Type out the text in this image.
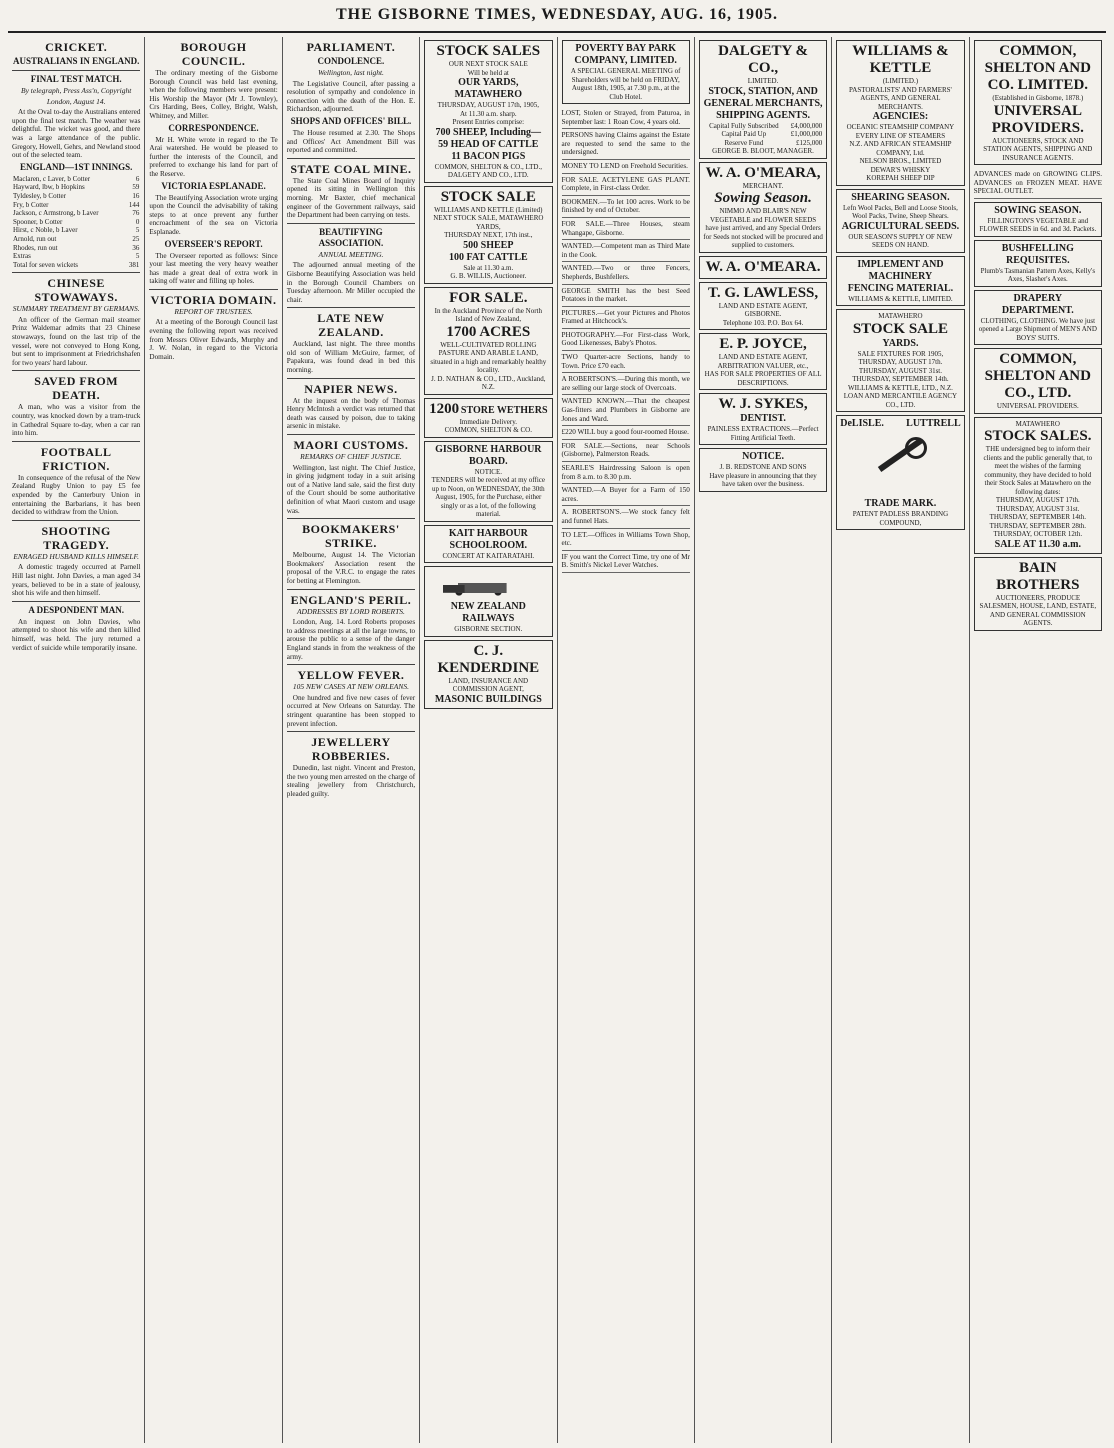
THE GISBORNE TIMES, WEDNESDAY, AUG. 16, 1905.
CRICKET.
AUSTRALIANS IN ENGLAND.
FINAL TEST MATCH.
By telegraph, Press Ass'n, Copyright
London, August 14.

At the Oval to-day the Australians entered upon the final test match. The weather was delightful. The wicket was good, and there was a large attendance of the public. Gregory, Howell, Gehrs, and Newland stood out of the selected team.

ENGLAND—1ST INNINGS.
Maclaren, c Laver, b Cotter	6
Hayward, lbw, b Hopkins	59
Tyldesley, b Cotter	16
Fry, b Cotter	144
Jackson, c Armstrong, b Laver	76
Spooner, b Cotter	0
Hirst, c Noble, b Laver	5
Arnold, run out	25
Rhodes, run out	36
Extras	5
Total for seven wickets	381
CHINESE STOWAWAYS.
SUMMARY TREATMENT BY GERMANS.

An officer of the German mail steamer Prinz Waldemar admits that 23 Chinese stowaways, found on the last trip of the vessel, were not conveyed to Hong Kong, but sent to imprisonment at Friedrichshafen for two years' hard labour.

SAVED FROM DEATH.

A man, who was a visitor from the country, was knocked down by a tram-truck in Cathedral Square to-day, when a car ran into him.

FOOTBALL FRICTION.

In consequence of the refusal of the New Zealand Rugby Union to pay £5 fee expended by the Canterbury Union in entertaining the Barbarians, it has been decided to withdraw from the Union.

SHOOTING TRAGEDY.
ENRAGED HUSBAND KILLS HIMSELF.

A domestic tragedy occurred at Parnell Hill last night. John Davies, a man aged 34 years, believed to be in a state of jealousy, shot his wife and then himself.

A DESPONDENT MAN.

An inquest on John Davies, who attempted to shoot his wife and then killed himself, was held. The jury returned a verdict of suicide while temporarily insane.

BOROUGH COUNCIL.

The ordinary meeting of the Gisborne Borough Council was held last evening, when the following members were present: His Worship the Mayor (Mr J. Townley), Crs Harding, Bees, Colley, Bright, Walsh, Whitney, and Miller.

CORRESPONDENCE.

Mr H. White wrote in regard to the Te Arai watershed. He would be pleased to further the interests of the Council, and preferred to exchange his land for part of the Reserve.

VICTORIA ESPLANADE.

The Beautifying Association wrote urging upon the Council the advisability of taking steps to at once prevent any further encroachment of the sea on Victoria Esplanade.

OVERSEER'S REPORT.

The Overseer reported as follows: Since your last meeting the very heavy weather has made a great deal of extra work in taking off water and filling up holes.

VICTORIA DOMAIN.
REPORT OF TRUSTEES.

At a meeting of the Borough Council last evening the following report was received from Messrs Oliver Edwards, Murphy and J. W. Nolan, in regard to the Victoria Domain.

PARLIAMENT.
CONDOLENCE.
Wellington, last night.

The Legislative Council, after passing a resolution of sympathy and condolence in connection with the death of the Hon. E. Richardson, adjourned.

SHOPS AND OFFICES' BILL.

The House resumed at 2.30. The Shops and Offices' Act Amendment Bill was reported and committed.

STATE COAL MINE.

The State Coal Mines Board of Inquiry opened its sitting in Wellington this morning. Mr Baxter, chief mechanical engineer of the Government railways, said the Department had been carrying on tests.

BEAUTIFYING ASSOCIATION.
ANNUAL MEETING.

The adjourned annual meeting of the Gisborne Beautifying Association was held in the Borough Council Chambers on Tuesday afternoon. Mr Miller occupied the chair.

LATE NEW ZEALAND.

Auckland, last night. The three months old son of William McGuire, farmer, of Papakura, was found dead in bed this morning.

NAPIER NEWS.

At the inquest on the body of Thomas Henry McIntosh a verdict was returned that death was caused by poison, due to taking arsenic in mistake.

MAORI CUSTOMS.
REMARKS OF CHIEF JUSTICE.

Wellington, last night. The Chief Justice, in giving judgment today in a suit arising out of a Native land sale, said the first duty of the Court should be some authoritative definition of what Maori custom and usage was.

BOOKMAKERS' STRIKE.

Melbourne, August 14. The Victorian Bookmakers' Association resent the proposal of the V.R.C. to engage the rates for betting at Flemington.

ENGLAND'S PERIL.
ADDRESSES BY LORD ROBERTS.

London, Aug. 14. Lord Roberts proposes to address meetings at all the large towns, to arouse the public to a sense of the danger England stands in from the weakness of the army.

YELLOW FEVER.
105 NEW CASES AT NEW ORLEANS.

One hundred and five new cases of fever occurred at New Orleans on Saturday. The stringent quarantine has been stopped to prevent infection.

JEWELLERY ROBBERIES.

Dunedin, last night. Vincent and Preston, the two young men arrested on the charge of stealing jewellery from Christchurch, pleaded guilty.

STOCK SALES
OUR NEXT STOCK SALE
Will be held at
OUR YARDS,
MATAWHERO
THURSDAY, AUGUST 17th, 1905,
At 11.30 a.m. sharp.
Present Entries comprise:
700 SHEEP, Including—
59 HEAD OF CATTLE
11 BACON PIGS
COMMON, SHELTON & CO., LTD., DALGETY AND CO., LTD.
STOCK SALE
WILLIAMS AND KETTLE (Limited)
NEXT STOCK SALE, MATAWHERO YARDS,
THURSDAY NEXT, 17th inst.,
500 SHEEP
100 FAT CATTLE
Sale at 11.30 a.m.
G. B. WILLIS, Auctioneer.
FOR SALE.
In the Auckland Province of the North Island of New Zealand,
1700 ACRES
WELL-CULTIVATED ROLLING PASTURE AND ARABLE LAND, situated in a high and remarkably healthy locality.
J. D. NATHAN & CO., LTD., Auckland, N.Z.
1200 STORE WETHERS
Immediate Delivery.
COMMON, SHELTON & CO.
GISBORNE HARBOUR BOARD.
NOTICE.
TENDERS will be received at my office up to Noon, on WEDNESDAY, the 30th August, 1905, for the Purchase, either singly or as a lot, of the following material.
KAIT HARBOUR SCHOOLROOM.
CONCERT AT KAITARATAHI.
NEW ZEALAND RAILWAYS
GISBORNE SECTION.
C. J. KENDERDINE
LAND, INSURANCE AND COMMISSION AGENT,
MASONIC BUILDINGS
POVERTY BAY PARK COMPANY, LIMITED.
A SPECIAL GENERAL MEETING of Shareholders will be held on FRIDAY, August 18th, 1905, at 7.30 p.m., at the Club Hotel.
LOST, Stolen or Strayed, from Paturoa, in September last: 1 Roan Cow, 4 years old.
PERSONS having Claims against the Estate are requested to send the same to the undersigned.
MONEY TO LEND on Freehold Securities.
FOR SALE. ACETYLENE GAS PLANT. Complete, in First-class Order.
BOOKMEN.—To let 100 acres. Work to be finished by end of October.
FOR SALE.—Three Houses, steam Whangape, Gisborne.
WANTED.—Competent man as Third Mate in the Cook.
WANTED.—Two or three Fencers, Shepherds, Bushfellers.
GEORGE SMITH has the best Seed Potatoes in the market.
PICTURES.—Get your Pictures and Photos Framed at Hitchcock's.
PHOTOGRAPHY.—For First-class Work, Good Likenesses, Baby's Photos.
TWO Quarter-acre Sections, handy to Town. Price £70 each.
A ROBERTSON'S.—During this month, we are selling our large stock of Overcoats.
WANTED KNOWN.—That the cheapest Gas-fitters and Plumbers in Gisborne are Jones and Ward.
£220 WILL buy a good four-roomed House.
FOR SALE.—Sections, near Schools (Gisborne), Palmerston Reads.
SEARLE'S Hairdressing Saloon is open from 8 a.m. to 8.30 p.m.
WANTED.—A Buyer for a Farm of 150 acres.
A. ROBERTSON'S.—We stock fancy felt and funnel Hats.
TO LET.—Offices in Williams Town Shop, etc.
IF you want the Correct Time, try one of Mr B. Smith's Nickel Lever Watches.
DALGETY & CO.,
LIMITED.
STOCK, STATION, AND GENERAL MERCHANTS,
SHIPPING AGENTS.
Capital Fully Subscribed	£4,000,000
Capital Paid Up	£1,000,000
Reserve Fund	£125,000
GEORGE B. BLOOT, MANAGER.
W. A. O'MEARA,
MERCHANT.
Sowing Season.
NIMMO AND BLAIR'S NEW VEGETABLE and FLOWER SEEDS have just arrived, and any Special Orders for Seeds not stocked will be procured and supplied to customers.
W. A. O'MEARA.
T. G. LAWLESS,
LAND AND ESTATE AGENT, GISBORNE.
Telephone 103. P.O. Box 64.
E. P. JOYCE,
LAND AND ESTATE AGENT, ARBITRATION VALUER, etc.,
HAS FOR SALE PROPERTIES OF ALL DESCRIPTIONS.
W. J. SYKES,
DENTIST.
PAINLESS EXTRACTIONS.—Perfect Fitting Artificial Teeth.
NOTICE.
J. B. REDSTONE AND SONS
Have pleasure in announcing that they have taken over the business.
WILLIAMS & KETTLE
(LIMITED.)
PASTORALISTS' AND FARMERS' AGENTS, AND GENERAL MERCHANTS.
AGENCIES:
OCEANIC STEAMSHIP COMPANY
EVERY LINE OF STEAMERS
N.Z. AND AFRICAN STEAMSHIP COMPANY, Ltd.
NELSON BROS., LIMITED
DEWAR'S WHISKY
KOREPAH SHEEP DIP
SHEARING SEASON.
Lefn Wool Packs, Bell and Loose Stools, Wool Packs, Twine, Sheep Shears.
AGRICULTURAL SEEDS.
OUR SEASON'S SUPPLY OF NEW SEEDS ON HAND.
IMPLEMENT AND MACHINERY
FENCING MATERIAL.
WILLIAMS & KETTLE, LIMITED.
MATAWHERO
STOCK SALE
YARDS.
SALE FIXTURES FOR 1905,
THURSDAY, AUGUST 17th.
THURSDAY, AUGUST 31st.
THURSDAY, SEPTEMBER 14th.
WILLIAMS & KETTLE, LTD., N.Z. LOAN AND MERCANTILE AGENCY CO., LTD.
DeLISLE. LUTTRELL
TRADE MARK.
PATENT PADLESS BRANDING COMPOUND,
COMMON, SHELTON AND CO. LIMITED.
(Established in Gisborne, 1878.)
UNIVERSAL PROVIDERS.
AUCTIONEERS, STOCK AND STATION AGENTS, SHIPPING AND INSURANCE AGENTS.
ADVANCES made on GROWING CLIPS. ADVANCES on FROZEN MEAT. HAVE SPECIAL OUTLET.
SOWING SEASON.
FILLINGTON'S VEGETABLE and FLOWER SEEDS in 6d. and 3d. Packets.
BUSHFELLING REQUISITES.
Plumb's Tasmanian Pattern Axes, Kelly's Axes, Slasher's Axes.
DRAPERY DEPARTMENT.
CLOTHING, CLOTHING. We have just opened a Large Shipment of MEN'S AND BOYS' SUITS.
COMMON, SHELTON AND CO., LTD.
UNIVERSAL PROVIDERS.
MATAWHERO
STOCK SALES.
THE undersigned beg to inform their clients and the public generally that, to meet the wishes of the farming community, they have decided to hold their Stock Sales at Matawhero on the following dates:
THURSDAY, AUGUST 17th.
THURSDAY, AUGUST 31st.
THURSDAY, SEPTEMBER 14th.
THURSDAY, SEPTEMBER 28th.
THURSDAY, OCTOBER 12th.
SALE AT 11.30 a.m.
BAIN BROTHERS
AUCTIONEERS, PRODUCE SALESMEN, HOUSE, LAND, ESTATE, AND GENERAL COMMISSION AGENTS.
